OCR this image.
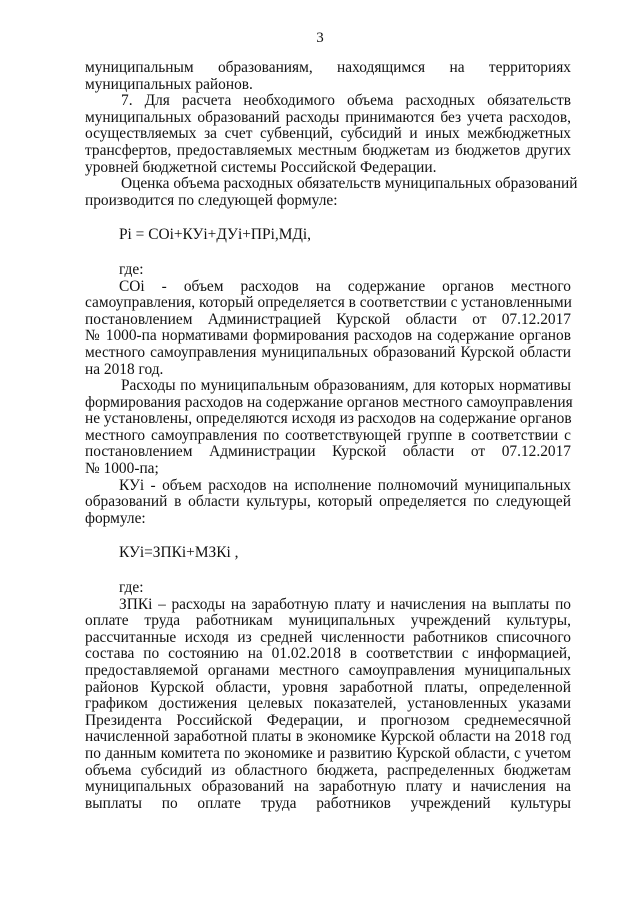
3
муниципальным образованиям, находящимся на территориях
муниципальных районов.
7. Для расчета необходимого объема расходных обязательств
муниципальных образований расходы принимаются без учета расходов,
осуществляемых за счет субвенций, субсидий и иных межбюджетных
трансфертов, предоставляемых местным бюджетам из бюджетов других
уровней бюджетной системы Российской Федерации.
Оценка объема расходных обязательств муниципальных образований
производится по следующей формуле:
Рi = СОi+КУi+ДУi+ПРi,МДi,
где:
СОi - объем расходов на содержание органов местного
самоуправления, который определяется в соответствии с установленными
постановлением Администрацией Курской области от 07.12.2017
№ 1000-па нормативами формирования расходов на содержание органов
местного самоуправления муниципальных образований Курской области
на 2018 год.
Расходы по муниципальным образованиям, для которых нормативы
формирования расходов на содержание органов местного самоуправления
не установлены, определяются исходя из расходов на содержание органов
местного самоуправления по соответствующей группе в соответствии с
постановлением Администрации Курской области от 07.12.2017
№ 1000-па;
КУi - объем расходов на исполнение полномочий муниципальных
образований в области культуры, который определяется по следующей
формуле:
КУi=ЗПКi+МЗКi ,
где:
ЗПКi – расходы на заработную плату и начисления на выплаты по
оплате труда работникам муниципальных учреждений культуры,
рассчитанные исходя из средней численности работников списочного
состава по состоянию на 01.02.2018 в соответствии с информацией,
предоставляемой органами местного самоуправления муниципальных
районов Курской области, уровня заработной платы, определенной
графиком достижения целевых показателей, установленных указами
Президента Российской Федерации, и прогнозом среднемесячной
начисленной заработной платы в экономике Курской области на 2018 год
по данным комитета по экономике и развитию Курской области, с учетом
объема субсидий из областного бюджета, распределенных бюджетам
муниципальных образований на заработную плату и начисления на
выплаты по оплате труда работников учреждений культуры
